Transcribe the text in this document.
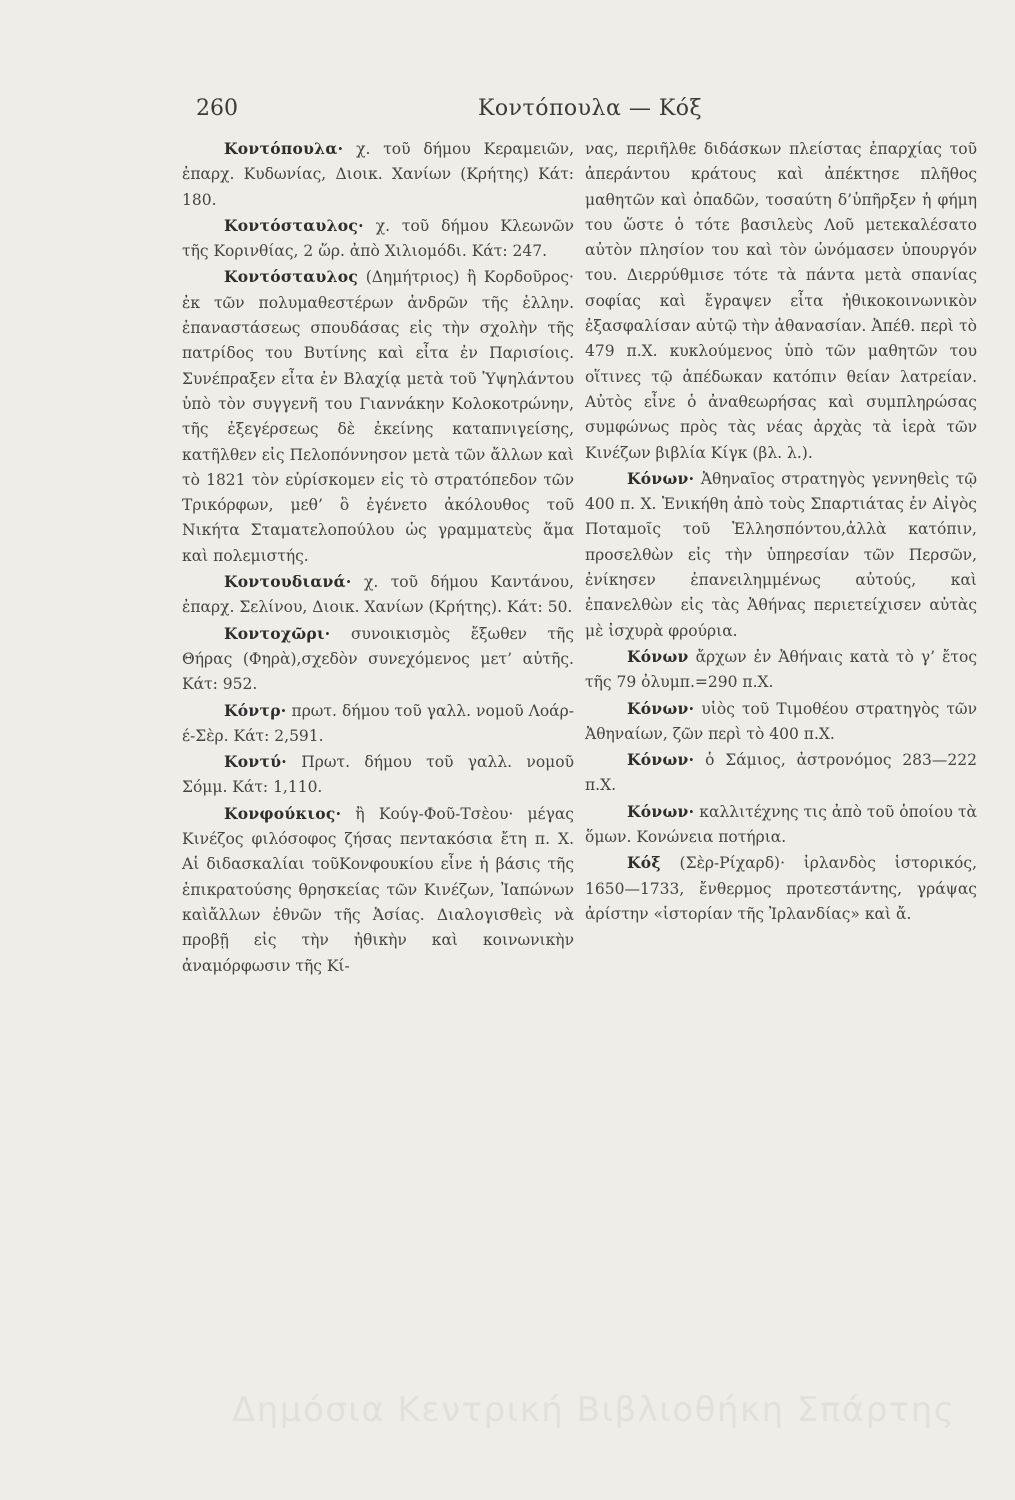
260	Κοντόπουλα — Κόξ

Κοντόπουλα· χ. τοῦ δήμου Κεραμειῶν, ἐπαρχ. Κυδωνίας, Διοικ. Χανίων (Κρήτης) Κάτ: 180.

Κοντόσταυλος· χ. τοῦ δήμου Κλεωνῶν τῆς Κορινθίας, 2 ὥρ. ἀπὸ Χιλιομόδι. Κάτ: 247.

Κοντόσταυλος (Δημήτριος) ἢ Κορδοῦρος· ἐκ τῶν πολυμαθεστέρων ἀνδρῶν τῆς ἑλλην. ἐπαναστάσεως σπουδάσας εἰς τὴν σχολὴν τῆς πατρίδος του Βυτίνης καὶ εἶτα ἐν Παρισίοις. Συνέπραξεν εἶτα ἐν Βλαχίᾳ μετὰ τοῦ Ὑψηλάντου ὑπὸ τὸν συγγενῆ του Γιαννάκην Κολοκοτρώνην, τῆς ἐξεγέρσεως δὲ ἐκείνης καταπνιγείσης, κατῆλθεν εἰς Πελοπόννησον μετὰ τῶν ἄλλων καὶ τὸ 1821 τὸν εὑρίσκομεν εἰς τὸ στρατόπεδον τῶν Τρικόρφων, μεθ’ ὃ ἐγένετο ἀκόλουθος τοῦ Νικήτα Σταματελοπούλου ὡς γραμματεὺς ἅμα καὶ πολεμιστής.

Κοντουδιανά· χ. τοῦ δήμου Καντάνου, ἐπαρχ. Σελίνου, Διοικ. Χανίων (Κρήτης). Κάτ: 50.

Κοντοχῶρι· συνοικισμὸς ἔξωθεν τῆς Θήρας (Φηρὰ),σχεδὸν συνεχόμενος μετ’ αὐτῆς. Κάτ: 952.

Κόντρ· πρωτ. δήμου τοῦ γαλλ. νομοῦ Λοάρ-έ-Σὲρ. Κάτ: 2,591.

Κοντύ· Πρωτ. δήμου τοῦ γαλλ. νομοῦ Σόμμ. Κάτ: 1,110.

Κονφούκιος· ἢ Κούγ-Φοῦ-Τσὲου· μέγας Κινέζος φιλόσοφος ζήσας πεντακόσια ἔτη π. Χ. Αἱ διδασκαλίαι τοῦΚονφουκίου εἶνε ἡ βάσις τῆς ἐπικρατούσης θρησκείας τῶν Κινέζων, Ἰαπώνων καὶἄλλων ἐθνῶν τῆς Ἀσίας. Διαλογισθεὶς νὰ προβῇ εἰς τὴν ἠθικὴν καὶ κοινωνικὴν ἀναμόρφωσιν τῆς Κί-

νας, περιῆλθε διδάσκων πλείστας ἐπαρχίας τοῦ ἀπεράντου κράτους καὶ ἀπέκτησε πλῆθος μαθητῶν καὶ ὀπαδῶν, τοσαύτη δ’ὑπῆρξεν ἡ φήμη του ὥστε ὁ τότε βασιλεὺς Λοῦ μετεκαλέσατο αὐτὸν πλησίον του καὶ τὸν ὠνόμασεν ὑπουργόν του. Διερρύθμισε τότε τὰ πάντα μετὰ σπανίας σοφίας καὶ ἔγραψεν εἶτα ἠθικοκοινωνικὸν ἐξασφαλίσαν αὐτῷ τὴν ἀθανασίαν. Ἀπέθ. περὶ τὸ 479 π.Χ. κυκλούμενος ὑπὸ τῶν μαθητῶν του οἵτινες τῷ ἀπέδωκαν κατόπιν θείαν λατρείαν. Αὐτὸς εἶνε ὁ ἀναθεωρήσας καὶ συμπληρώσας συμφώνως πρὸς τὰς νέας ἀρχὰς τὰ ἱερὰ τῶν Κινέζων βιβλία Κίγκ (βλ. λ.).

Κόνων· Ἀθηναῖος στρατηγὸς γεννηθεὶς τῷ 400 π. Χ. Ἐνικήθη ἀπὸ τοὺς Σπαρτιάτας ἐν Αἰγὸς Ποταμοῖς τοῦ Ἑλλησπόντου,ἀλλὰ κατόπιν, προσελθὼν εἰς τὴν ὑπηρεσίαν τῶν Περσῶν, ἐνίκησεν ἐπανειλημμένως αὐτούς, καὶ ἐπανελθὼν εἰς τὰς Ἀθήνας περιετείχισεν αὐτὰς μὲ ἰσχυρὰ φρούρια.

Κόνων ἄρχων ἐν Ἀθήναις κατὰ τὸ γ’ ἔτος τῆς 79 ὀλυμπ.=290 π.Χ.

Κόνων· υἱὸς τοῦ Τιμοθέου στρατηγὸς τῶν Ἀθηναίων, ζῶν περὶ τὸ 400 π.Χ.

Κόνων· ὁ Σάμιος, ἀστρονόμος 283—222 π.Χ.

Κόνων· καλλιτέχνης τις ἀπὸ τοῦ ὁποίου τὰ ὅμων. Κονώνεια ποτήρια.

Κόξ (Σὲρ-Ρίχαρδ)· ἰρλανδὸς ἱστορικός, 1650—1733, ἔνθερμος προτεστάντης, γράψας ἀρίστην «ἱστορίαν τῆς Ἰρλανδίας» καὶ ἄ.

Δημόσια Κεντρική Βιβλιοθήκη Σπάρτης
